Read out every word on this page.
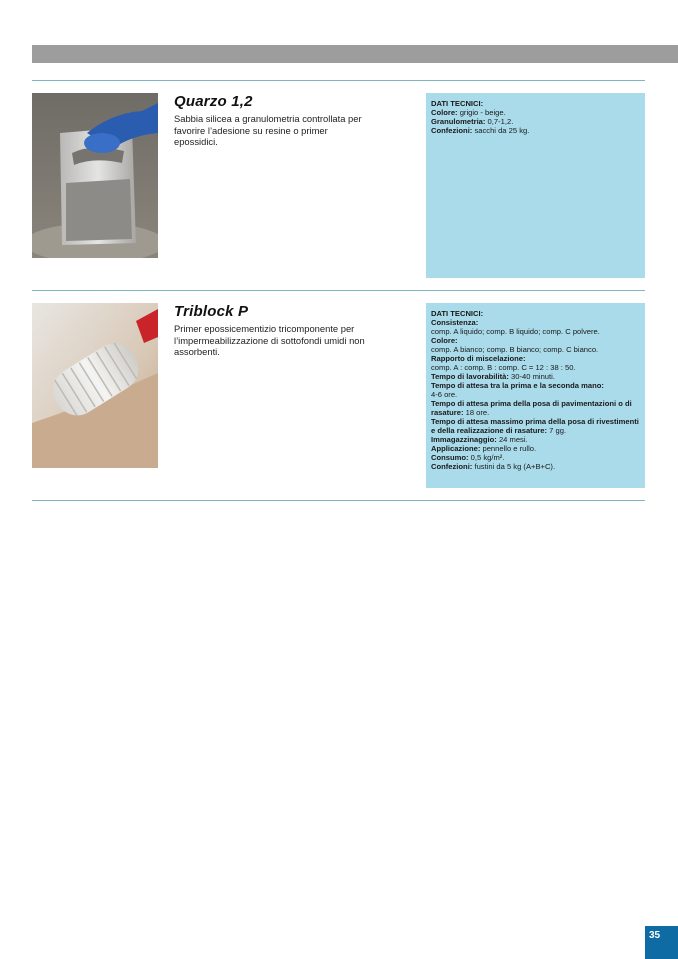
Quarzo 1,2
Sabbia silicea a granulometria controllata per favorire l’adesione su resine o primer epossidici.
DATI TECNICI:
Colore: grigio - beige.
Granulometria: 0,7-1,2.
Confezioni: sacchi da 25 kg.
Triblock P
Primer epossicementizio tricomponente per l’impermeabilizzazione di sottofondi umidi non assorbenti.
DATI TECNICI:
Consistenza:
comp. A liquido; comp. B liquido; comp. C polvere.
Colore:
comp. A bianco; comp. B bianco; comp. C bianco.
Rapporto di miscelazione:
comp. A : comp. B : comp. C = 12 : 38 : 50.
Tempo di lavorabilità: 30-40 minuti.
Tempo di attesa tra la prima e la seconda mano:
4-6 ore.
Tempo di attesa prima della posa di pavimentazioni o di rasature: 18 ore.
Tempo di attesa massimo prima della posa di rivestimenti e della realizzazione di rasature: 7 gg.
Immagazzinaggio: 24 mesi.
Applicazione: pennello e rullo.
Consumo: 0,5 kg/m².
Confezioni: fustini da 5 kg (A+B+C).
35
